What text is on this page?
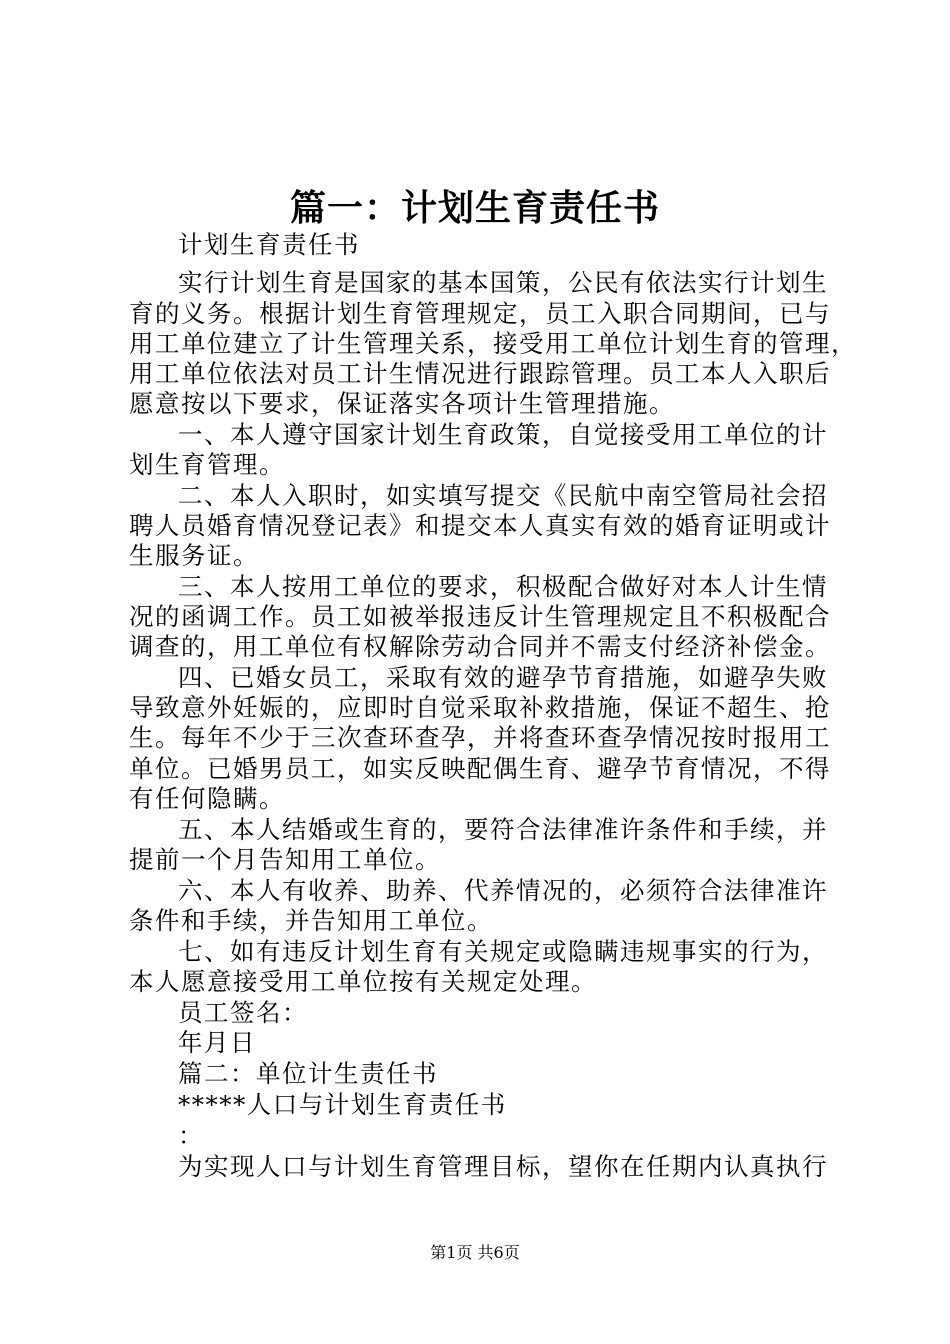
篇一：计划生育责任书
计划生育责任书
实行计划生育是国家的基本国策，公民有依法实行计划生
育的义务。根据计划生育管理规定，员工入职合同期间，已与
用工单位建立了计生管理关系，接受用工单位计划生育的管理，
用工单位依法对员工计生情况进行跟踪管理。员工本人入职后
愿意按以下要求，保证落实各项计生管理措施。
一、本人遵守国家计划生育政策，自觉接受用工单位的计
划生育管理。
二、本人入职时，如实填写提交《民航中南空管局社会招
聘人员婚育情况登记表》和提交本人真实有效的婚育证明或计
生服务证。
三、本人按用工单位的要求，积极配合做好对本人计生情
况的函调工作。员工如被举报违反计生管理规定且不积极配合
调查的，用工单位有权解除劳动合同并不需支付经济补偿金。
四、已婚女员工，采取有效的避孕节育措施，如避孕失败
导致意外妊娠的，应即时自觉采取补救措施，保证不超生、抢
生。每年不少于三次查环查孕，并将查环查孕情况按时报用工
单位。已婚男员工，如实反映配偶生育、避孕节育情况，不得
有任何隐瞒。
五、本人结婚或生育的，要符合法律准许条件和手续，并
提前一个月告知用工单位。
六、本人有收养、助养、代养情况的，必须符合法律准许
条件和手续，并告知用工单位。
七、如有违反计划生育有关规定或隐瞒违规事实的行为，
本人愿意接受用工单位按有关规定处理。
员工签名：
年月日
篇二：单位计生责任书
*****人口与计划生育责任书
：
为实现人口与计划生育管理目标，望你在任期内认真执行
第1页 共6页
